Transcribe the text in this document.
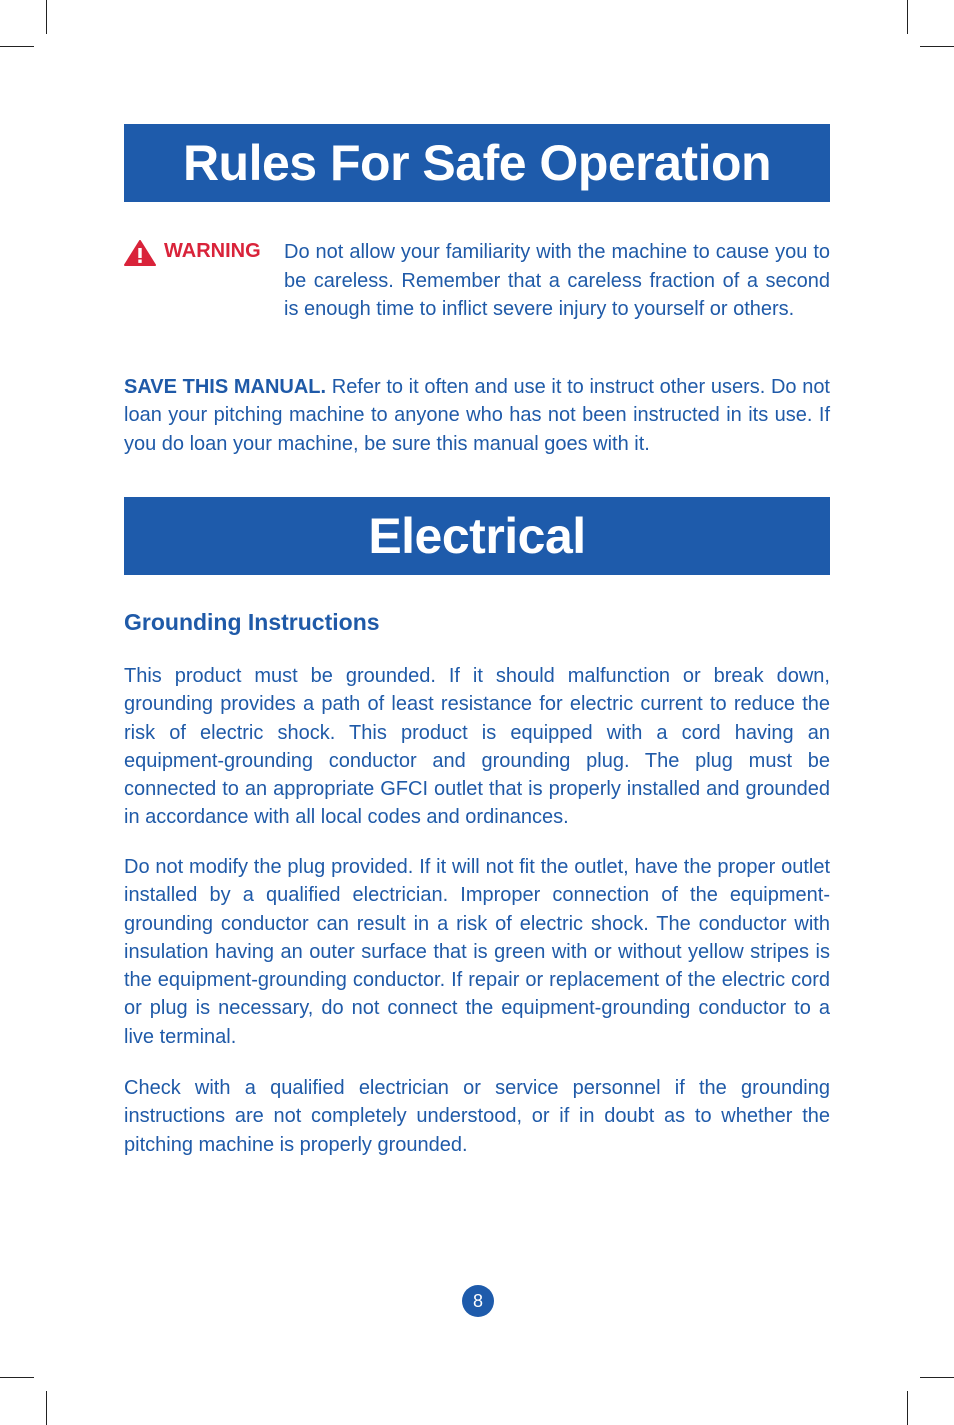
Rules For Safe Operation
WARNING Do not allow your familiarity with the machine to cause you to be careless. Remember that a careless fraction of a second is enough time to inflict severe injury to yourself or others.
SAVE THIS MANUAL. Refer to it often and use it to instruct other users. Do not loan your pitching machine to anyone who has not been instructed in its use. If you do loan your machine, be sure this manual goes with it.
Electrical
Grounding Instructions
This product must be grounded. If it should malfunction or break down, grounding provides a path of least resistance for electric current to reduce the risk of electric shock. This product is equipped with a cord having an equipment-grounding conductor and grounding plug. The plug must be connected to an appropriate GFCI outlet that is properly installed and grounded in accordance with all local codes and ordinances.
Do not modify the plug provided. If it will not fit the outlet, have the proper outlet installed by a qualified electrician. Improper connection of the equipment-grounding conductor can result in a risk of electric shock. The conductor with insulation having an outer surface that is green with or without yellow stripes is the equipment-grounding conductor. If repair or replacement of the electric cord or plug is necessary, do not connect the equipment-grounding conductor to a live terminal.
Check with a qualified electrician or service personnel if the grounding instructions are not completely understood, or if in doubt as to whether the pitching machine is properly grounded.
8
